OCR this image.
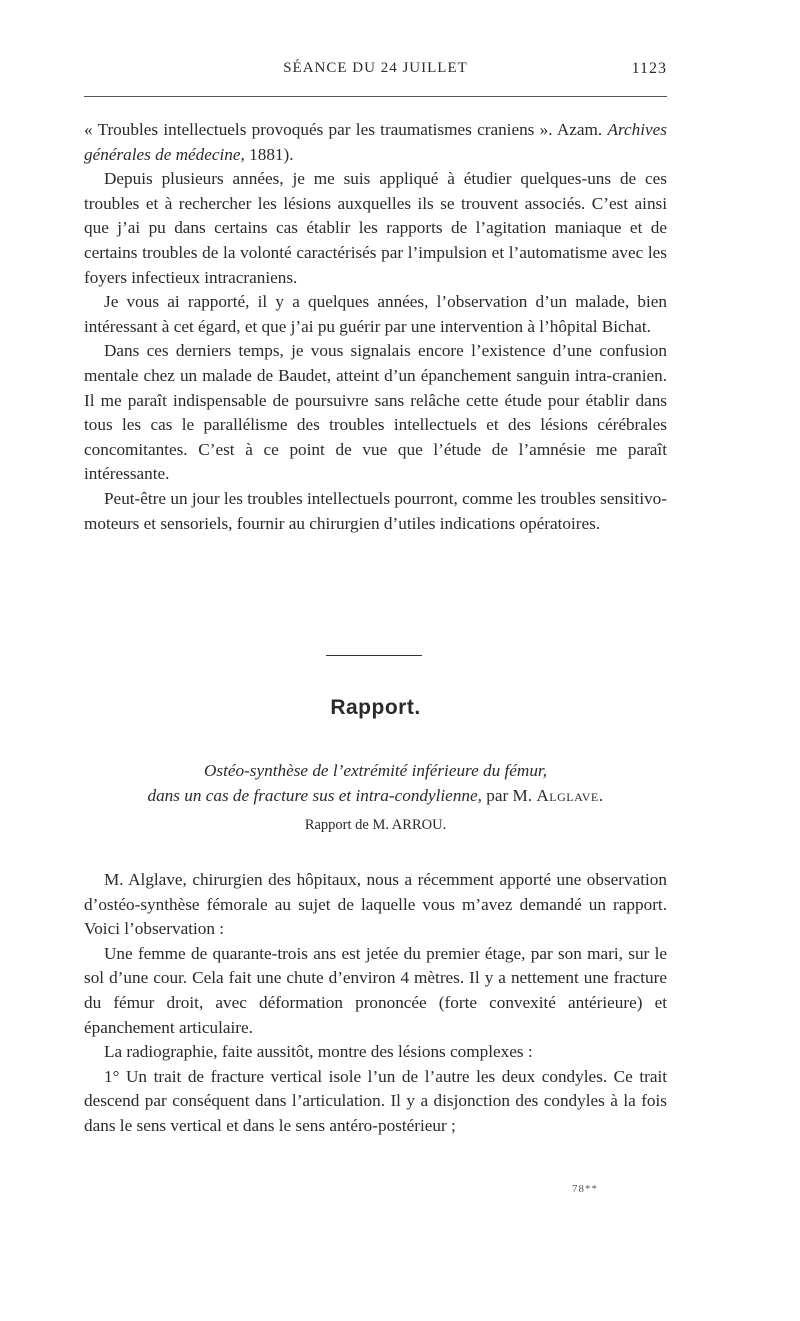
SÉANCE DU 24 JUILLET	1123

« Troubles intellectuels provoqués par les traumatismes craniens ». Azam. Archives générales de médecine, 1881).

Depuis plusieurs années, je me suis appliqué à étudier quelques-uns de ces troubles et à rechercher les lésions auxquelles ils se trouvent associés. C’est ainsi que j’ai pu dans certains cas établir les rapports de l’agitation maniaque et de certains troubles de la volonté caractérisés par l’impulsion et l’automatisme avec les foyers infectieux intracraniens.

Je vous ai rapporté, il y a quelques années, l’observation d’un malade, bien intéressant à cet égard, et que j’ai pu guérir par une intervention à l’hôpital Bichat.

Dans ces derniers temps, je vous signalais encore l’existence d’une confusion mentale chez un malade de Baudet, atteint d’un épanchement sanguin intra-cranien. Il me paraît indispensable de poursuivre sans relâche cette étude pour établir dans tous les cas le parallélisme des troubles intellectuels et des lésions cérébrales concomitantes. C’est à ce point de vue que l’étude de l’amnésie me paraît intéressante.

Peut-être un jour les troubles intellectuels pourront, comme les troubles sensitivo-moteurs et sensoriels, fournir au chirurgien d’utiles indications opératoires.

Rapport.
Ostéo-synthèse de l’extrémité inférieure du fémur,
dans un cas de fracture sus et intra-condylienne, par M. Alglave.
Rapport de M. ARROU.

M. Alglave, chirurgien des hôpitaux, nous a récemment apporté une observation d’ostéo-synthèse fémorale au sujet de laquelle vous m’avez demandé un rapport. Voici l’observation :

Une femme de quarante-trois ans est jetée du premier étage, par son mari, sur le sol d’une cour. Cela fait une chute d’environ 4 mètres. Il y a nettement une fracture du fémur droit, avec déformation prononcée (forte convexité antérieure) et épanchement articulaire.

La radiographie, faite aussitôt, montre des lésions complexes :

1° Un trait de fracture vertical isole l’un de l’autre les deux condyles. Ce trait descend par conséquent dans l’articulation. Il y a disjonction des condyles à la fois dans le sens vertical et dans le sens antéro-postérieur ;

78**
